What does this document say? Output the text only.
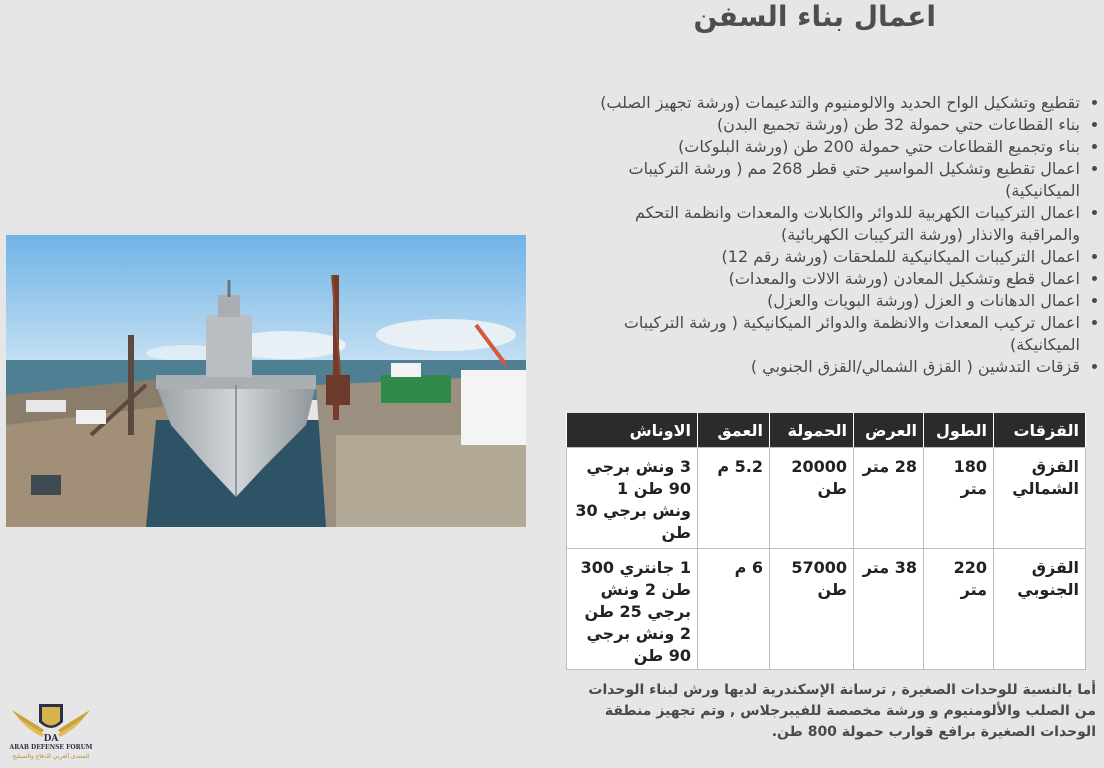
اعمال بناء السفن
• تقطيع وتشكيل الواح الحديد والالومنيوم والتدعيمات (ورشة تجهيز الصلب)
• بناء القطاعات حتي حمولة 32 طن (ورشة تجميع البدن)
• بناء وتجميع القطاعات حتي حمولة 200 طن (ورشة البلوكات)
• اعمال تقطيع وتشكيل المواسير حتي قطر 268 مم ( ورشة التركيبات الميكانيكية)
• اعمال التركيبات الكهربية للدوائر والكابلات والمعدات وانظمة التحكم والمراقبة والانذار (ورشة التركيبات الكهربائية)
• اعمال التركيبات الميكانيكية للملحقات (ورشة رقم 12)
• اعمال قطع وتشكيل المعادن (ورشة الالات والمعدات)
• اعمال الدهانات و العزل (ورشة البويات والعزل)
• اعمال تركيب المعدات والانظمة والدوائر الميكانيكية ( ورشة التركيبات الميكانيكة)
• قزقات التدشين ( القزق الشمالي/القزق الجنوبي )
القزقات	الطول	العرض	الحمولة	العمق	الاوناش
القزق الشمالي	180 متر	28 متر	20000 طن	5.2 م	3 ونش برجي 90 طن 1 ونش برجي 30 طن
القزق الجنوبي	220 متر	38 متر	57000 طن	6 م	1 جانتري 300 طن 2 ونش برجي 25 طن 2 ونش برجي 90 طن
أما بالنسبة للوحدات الصغيرة , ترسانة الإسكندرية لديها ورش لبناء الوحدات من الصلب والألومنيوم و ورشة مخصصة للفيبرجلاس , وتم تجهيز منطقة الوحدات الصغيرة برافع قوارب حمولة 800 طن.
DA
ARAB DEFENSE FORUM
المنتدى العربي للدفاع والتسليح
